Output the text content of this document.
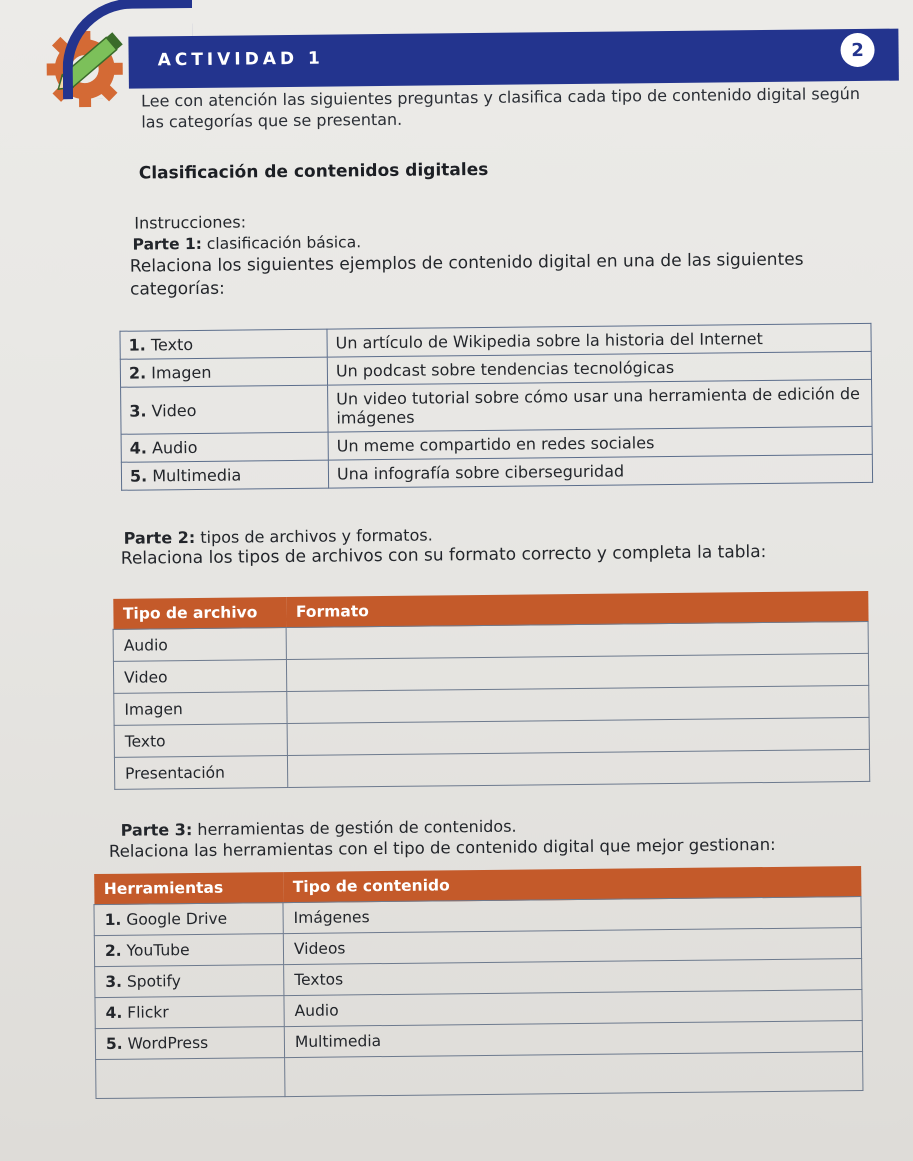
ACTIVIDAD 1	2
Lee con atención las siguientes preguntas y clasifica cada tipo de contenido digital según las categorías que se presentan.
Clasificación de contenidos digitales
Instrucciones:
Parte 1: clasificación básica.
Relaciona los siguientes ejemplos de contenido digital en una de las siguientes categorías:
1. Texto	Un artículo de Wikipedia sobre la historia del Internet
2. Imagen	Un podcast sobre tendencias tecnológicas
3. Video	Un video tutorial sobre cómo usar una herramienta de edición de imágenes
4. Audio	Un meme compartido en redes sociales
5. Multimedia	Una infografía sobre ciberseguridad
Parte 2: tipos de archivos y formatos.
Relaciona los tipos de archivos con su formato correcto y completa la tabla:
Tipo de archivo	Formato
Audio	
Video	
Imagen	
Texto	
Presentación	
Parte 3: herramientas de gestión de contenidos.
Relaciona las herramientas con el tipo de contenido digital que mejor gestionan:
Herramientas	Tipo de contenido
1. Google Drive	Imágenes
2. YouTube	Videos
3. Spotify	Textos
4. Flickr	Audio
5. WordPress	Multimedia
